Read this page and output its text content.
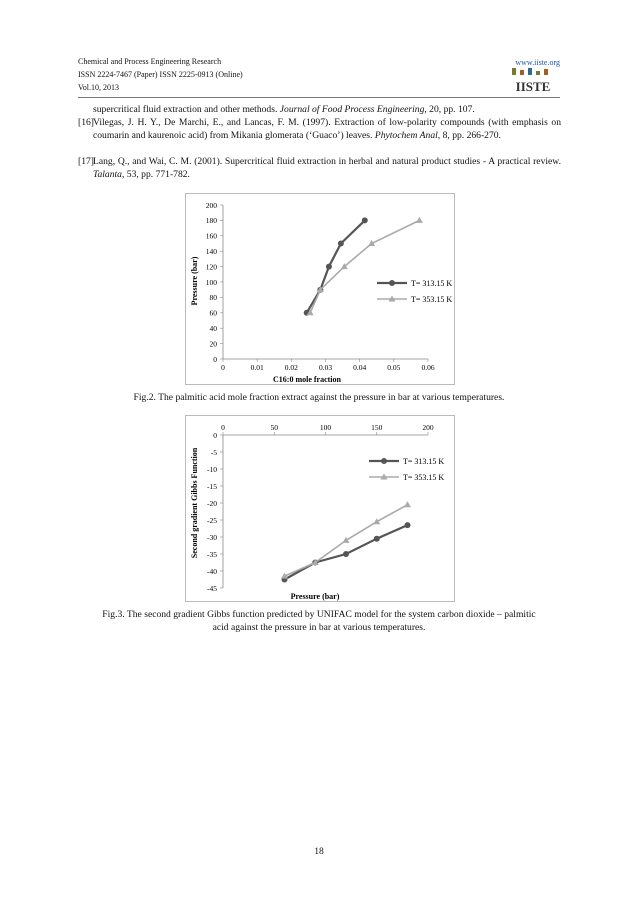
Chemical and Process Engineering Research
ISSN 2224-7467 (Paper) ISSN 2225-0913 (Online)
Vol.10, 2013
www.iiste.org
IISTE
supercritical fluid extraction and other methods. Journal of Food Process Engineering, 20, pp. 107.
[16] Vilegas, J. H. Y., De Marchi, E., and Lancas, F. M. (1997). Extraction of low-polarity compounds (with emphasis on coumarin and kaurenoic acid) from Mikania glomerata (‘Guaco’) leaves. Phytochem Anal, 8, pp. 266-270.
[17] Lang, Q., and Wai, C. M. (2001). Supercritical fluid extraction in herbal and natural product studies - A practical review. Talanta, 53, pp. 771-782.
Pressure (bar)
C16:0 mole fraction
0
20
40
60
80
100
120
140
160
180
200
0	0.01	0.02	0.03	0.04	0.05	0.06
T= 313.15 K
T= 353.15 K
Fig.2. The palmitic acid mole fraction extract against the pressure in bar at various temperatures.
Second gradient Gibbs Function
Pressure (bar)
0
-5
-10
-15
-20
-25
-30
-35
-40
-45
0	50	100	150	200
T= 313.15 K
T= 353.15 K
Fig.3. The second gradient Gibbs function predicted by UNIFAC model for the system carbon dioxide – palmitic
acid against the pressure in bar at various temperatures.
18
